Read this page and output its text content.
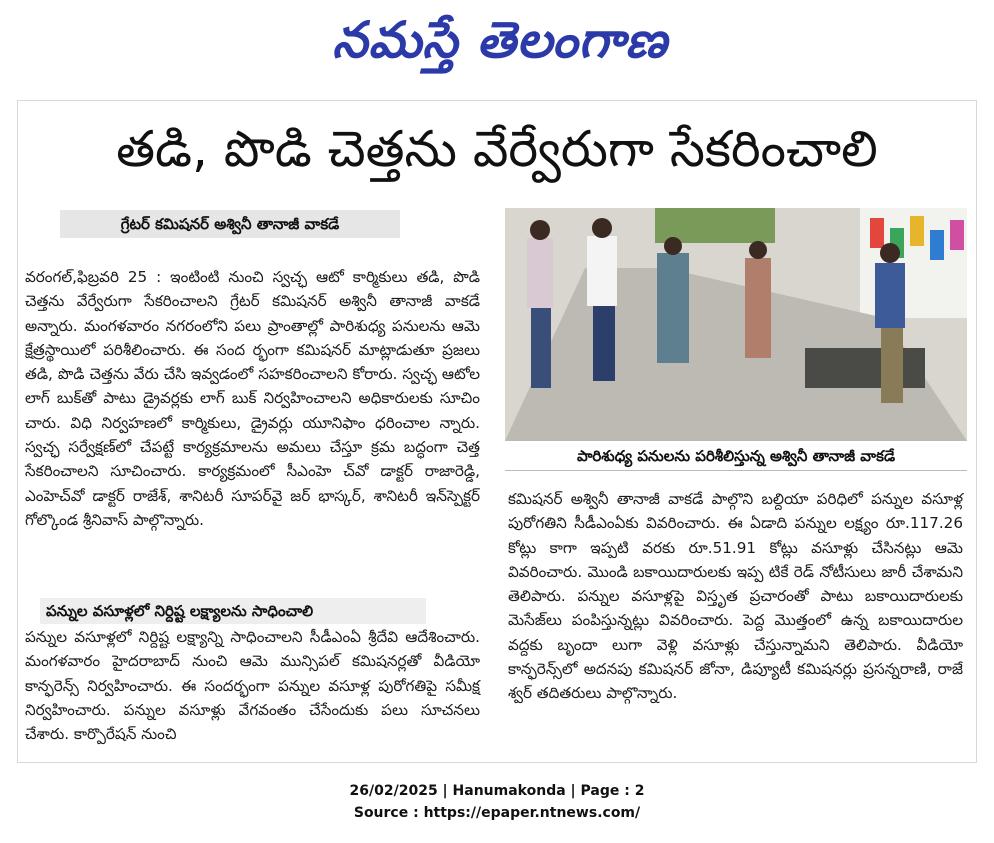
నమస్తే తెలంగాణ
తడి, పొడి చెత్తను వేర్వేరుగా సేకరించాలి
గ్రేటర్ కమిషనర్ అశ్వినీ తానాజీ వాకడే

వరంగల్,ఫిబ్రవరి 25 : ఇంటింటి నుంచి స్వచ్ఛ ఆటో కార్మికులు తడి, పొడి చెత్తను వేర్వేరుగా సేకరించాలని గ్రేటర్ కమిషనర్ అశ్వినీ తానాజీ వాకడే అన్నారు. మంగళవారం నగరంలోని పలు ప్రాంతాల్లో పారిశుధ్య పనులను ఆమె క్షేత్రస్థాయిలో పరిశీలించారు. ఈ సంద ర్భంగా కమిషనర్ మాట్లాడుతూ ప్రజలు తడి, పొడి చెత్తను వేరు చేసి ఇవ్వడంలో సహకరించాలని కోరారు. స్వచ్ఛ ఆటోల లాగ్ బుక్‌తో పాటు డ్రైవర్లకు లాగ్ బుక్ నిర్వహించాలని అధికారులకు సూచిం చారు. విధి నిర్వహణలో కార్మికులు, డ్రైవర్లు యూనిఫాం ధరించాల న్నారు. స్వచ్ఛ సర్వేక్షణ్‌లో చేపట్టే కార్యక్రమాలను అమలు చేస్తూ క్రమ బద్ధంగా చెత్త సేకరించాలని సూచించారు. కార్యక్రమంలో సీఎంహె చ్‌వో డాక్టర్ రాజారెడ్డి, ఎంహెచ్‌వో డాక్టర్ రాజేశ్, శానిటరీ సూపర్‌వై జర్ భాస్కర్, శానిటరీ ఇన్‌స్పెక్టర్ గోల్కొండ శ్రీనివాస్ పాల్గొన్నారు.

పన్నుల వసూళ్లలో నిర్దిష్ట లక్ష్యాలను సాధించాలి

పన్నుల వసూళ్లలో నిర్దిష్ట లక్ష్యాన్ని సాధించాలని సీడీఎంఏ శ్రీదేవి ఆదేశించారు. మంగళవారం హైదరాబాద్ నుంచి ఆమె మున్సిపల్ కమిషనర్లతో వీడియో కాన్ఫరెన్స్ నిర్వహించారు. ఈ సందర్భంగా పన్నుల వసూళ్ల పురోగతిపై సమీక్ష నిర్వహించారు. పన్నుల వసూళ్లు వేగవంతం చేసేందుకు పలు సూచనలు చేశారు. కార్పొరేషన్ నుంచి

పారిశుధ్య పనులను పరిశీలిస్తున్న అశ్వినీ తానాజీ వాకడే

కమిషనర్ అశ్వినీ తానాజీ వాకడే పాల్గొని బల్దియా పరిధిలో పన్నుల వసూళ్ల పురోగతిని సీడీఎంఏకు వివరించారు. ఈ ఏడాది పన్నుల లక్ష్యం రూ.117.26 కోట్లు కాగా ఇప్పటి వరకు రూ.51.91 కోట్లు వసూళ్లు చేసినట్లు ఆమె వివరించారు. మొండి బకాయిదారులకు ఇప్ప టికే రెడ్ నోటీసులు జారీ చేశామని తెలిపారు. పన్నుల వసూళ్లపై విస్తృత ప్రచారంతో పాటు బకాయిదారులకు మెసేజ్‌లు పంపిస్తున్నట్లు వివరించారు. పెద్ద మొత్తంలో ఉన్న బకాయిదారుల వద్దకు బృందా లుగా వెళ్లి వసూళ్లు చేస్తున్నామని తెలిపారు. వీడియో కాన్ఫరెన్స్‌లో అదనపు కమిషనర్ జోనా, డిప్యూటీ కమిషనర్లు ప్రసన్నరాణి, రాజే శ్వర్ తదితరులు పాల్గొన్నారు.

26/02/2025 | Hanumakonda | Page : 2
Source : https://epaper.ntnews.com/
